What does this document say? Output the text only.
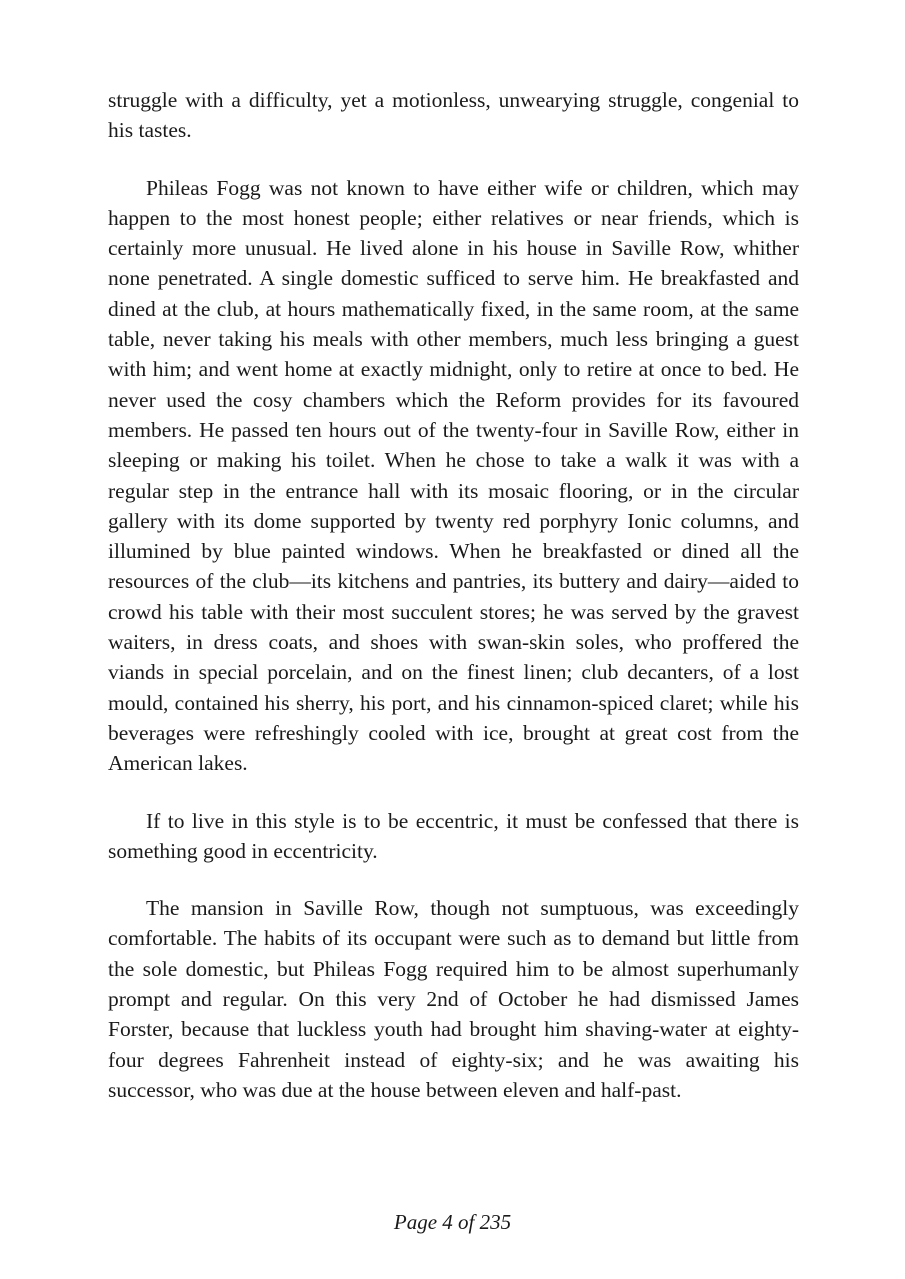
struggle with a difficulty, yet a motionless, unwearying struggle, congenial to his tastes.

Phileas Fogg was not known to have either wife or children, which may happen to the most honest people; either relatives or near friends, which is certainly more unusual. He lived alone in his house in Saville Row, whither none penetrated. A single domestic sufficed to serve him. He breakfasted and dined at the club, at hours mathematically fixed, in the same room, at the same table, never taking his meals with other members, much less bringing a guest with him; and went home at exactly midnight, only to retire at once to bed. He never used the cosy chambers which the Reform provides for its favoured members. He passed ten hours out of the twenty-four in Saville Row, either in sleeping or making his toilet. When he chose to take a walk it was with a regular step in the entrance hall with its mosaic flooring, or in the circular gallery with its dome supported by twenty red porphyry Ionic columns, and illumined by blue painted windows. When he breakfasted or dined all the resources of the club—its kitchens and pantries, its buttery and dairy—aided to crowd his table with their most succulent stores; he was served by the gravest waiters, in dress coats, and shoes with swan-skin soles, who proffered the viands in special porcelain, and on the finest linen; club decanters, of a lost mould, contained his sherry, his port, and his cinnamon-spiced claret; while his beverages were refreshingly cooled with ice, brought at great cost from the American lakes.

If to live in this style is to be eccentric, it must be confessed that there is something good in eccentricity.

The mansion in Saville Row, though not sumptuous, was exceedingly comfortable. The habits of its occupant were such as to demand but little from the sole domestic, but Phileas Fogg required him to be almost superhumanly prompt and regular. On this very 2nd of October he had dismissed James Forster, because that luckless youth had brought him shaving-water at eighty-four degrees Fahrenheit instead of eighty-six; and he was awaiting his successor, who was due at the house between eleven and half-past.

Page 4 of 235
